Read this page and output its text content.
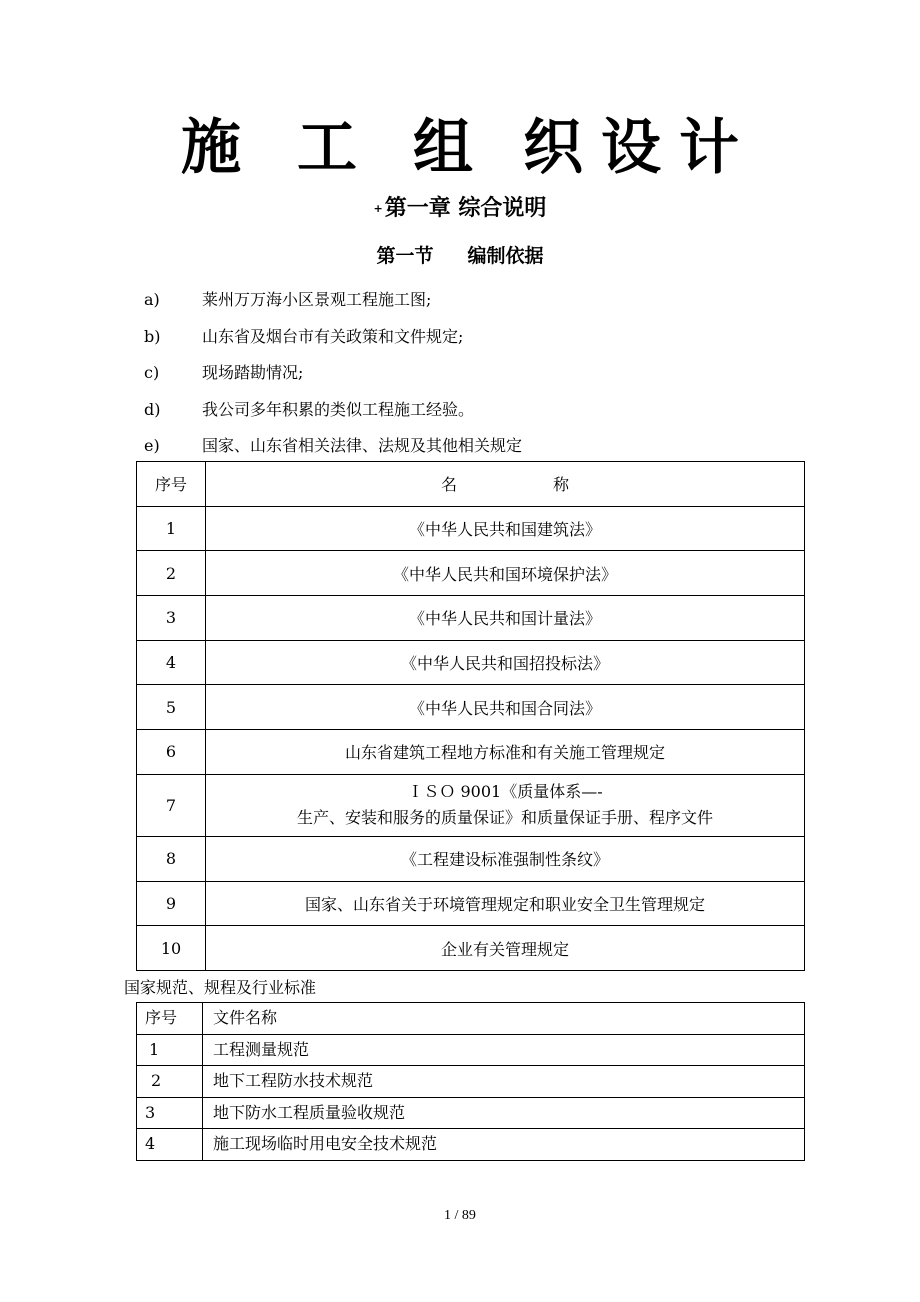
施 工 组 织 设 计
+第一章 综合说明
第一节 编制依据
a)	莱州万万海小区景观工程施工图;
b)	山东省及烟台市有关政策和文件规定;
c)	现场踏勘情况;
d)	我公司多年积累的类似工程施工经验。
e)	国家、山东省相关法律、法规及其他相关规定
序号	名 称
1	《中华人民共和国建筑法》
2	《中华人民共和国环境保护法》
3	《中华人民共和国计量法》
4	《中华人民共和国招投标法》
5	《中华人民共和国合同法》
6	山东省建筑工程地方标准和有关施工管理规定
7	ＩＳＯ 9001《质量体系—-
生产、安装和服务的质量保证》和质量保证手册、程序文件

8	《工程建设标准强制性条纹》
9	国家、山东省关于环境管理规定和职业安全卫生管理规定
10	企业有关管理规定
国家规范、规程及行业标准
序号	文件名称
1	工程测量规范
2	地下工程防水技术规范
3	地下防水工程质量验收规范
4	施工现场临时用电安全技术规范
1 / 89
